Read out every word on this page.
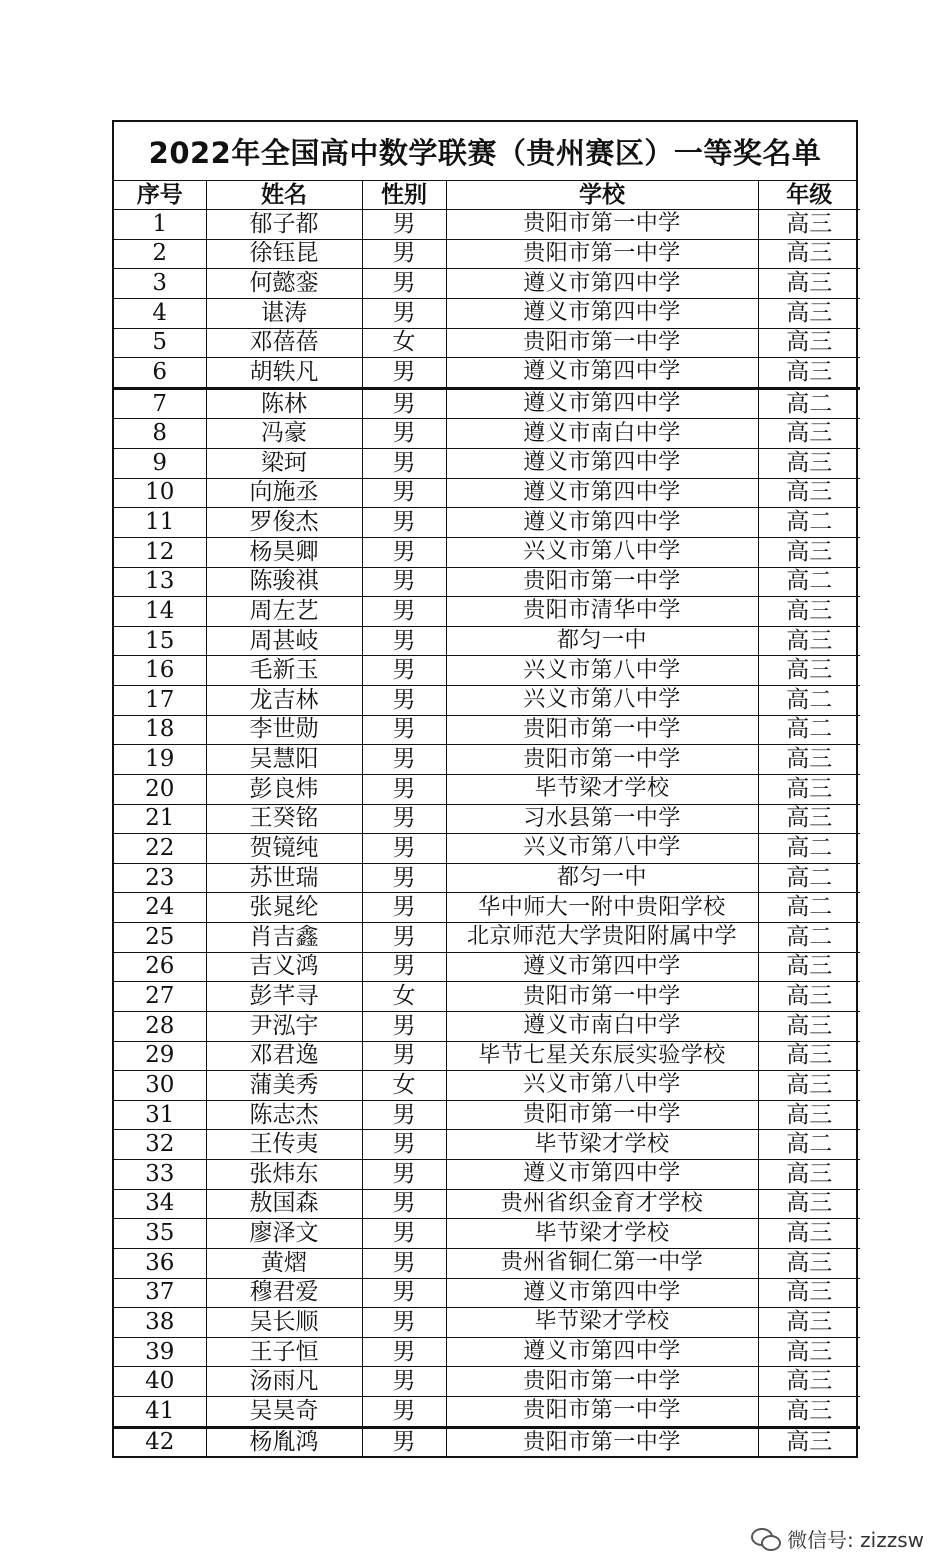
2022年全国高中数学联赛（贵州赛区）一等奖名单
序号	姓名	性别	学校	年级
1	郁子都	男	贵阳市第一中学	高三
2	徐钰昆	男	贵阳市第一中学	高三
3	何懿銮	男	遵义市第四中学	高三
4	谌涛	男	遵义市第四中学	高三
5	邓蓓蓓	女	贵阳市第一中学	高三
6	胡轶凡	男	遵义市第四中学	高三
7	陈林	男	遵义市第四中学	高二
8	冯豪	男	遵义市南白中学	高三
9	梁珂	男	遵义市第四中学	高三
10	向施丞	男	遵义市第四中学	高三
11	罗俊杰	男	遵义市第四中学	高二
12	杨昊卿	男	兴义市第八中学	高三
13	陈骏祺	男	贵阳市第一中学	高二
14	周左艺	男	贵阳市清华中学	高三
15	周甚岐	男	都匀一中	高三
16	毛新玉	男	兴义市第八中学	高三
17	龙吉林	男	兴义市第八中学	高二
18	李世勋	男	贵阳市第一中学	高二
19	吴慧阳	男	贵阳市第一中学	高三
20	彭良炜	男	毕节梁才学校	高三
21	王癸铭	男	习水县第一中学	高三
22	贺镜纯	男	兴义市第八中学	高二
23	苏世瑞	男	都匀一中	高二
24	张晁纶	男	华中师大一附中贵阳学校	高二
25	肖吉鑫	男	北京师范大学贵阳附属中学	高二
26	吉义鸿	男	遵义市第四中学	高三
27	彭芊寻	女	贵阳市第一中学	高三
28	尹泓宇	男	遵义市南白中学	高三
29	邓君逸	男	毕节七星关东辰实验学校	高三
30	蒲美秀	女	兴义市第八中学	高三
31	陈志杰	男	贵阳市第一中学	高三
32	王传夷	男	毕节梁才学校	高二
33	张炜东	男	遵义市第四中学	高三
34	敖国森	男	贵州省织金育才学校	高三
35	廖泽文	男	毕节梁才学校	高三
36	黄熠	男	贵州省铜仁第一中学	高三
37	穆君爱	男	遵义市第四中学	高三
38	吴长顺	男	毕节梁才学校	高三
39	王子恒	男	遵义市第四中学	高三
40	汤雨凡	男	贵阳市第一中学	高三
41	吴昊奇	男	贵阳市第一中学	高三
42	杨胤鸿	男	贵阳市第一中学	高三
微信号: zizzsw
